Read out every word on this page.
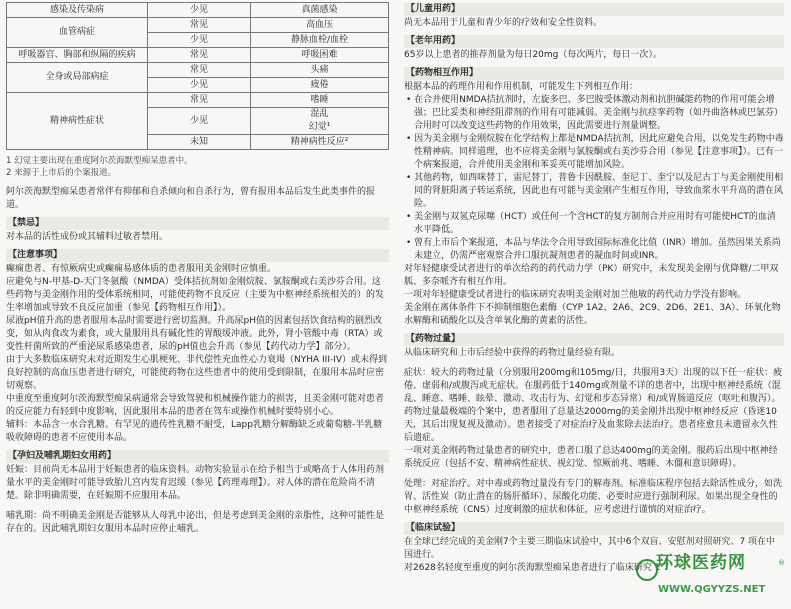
感染及传染病	少见	真菌感染
血管病症	常见	高血压
	少见	静脉血栓/血栓
呼吸器官、胸部和纵隔的疾病	常见	呼吸困难
全身或局部病症	常见	头痛
	少见	疲倦
精神病性症状	常见	嗜睡
	少见	混乱
幻觉¹
	未知	精神病性反应²
1 幻觉主要出现在重度阿尔茨海默型痴呆患者中。
2 来源于上市后的个案报道。
阿尔茨海默型痴呆患者常伴有抑郁和自杀倾向和自杀行为，曾有报用本品后发生此类事件的报道。
【禁忌】
对本品的活性成份或其辅料过敏者禁用。
【注意事项】
癫痫患者、有惊厥病史或癫痫易感体质的患者服用美金刚时应慎重。
应避免与N-甲基-D-天门冬氨酸（NMDA）受体拮抗剂如金刚烷胺、氯胺酮或右美沙芬合用。这些药物与美金刚作用的受体系统相同，可能使药物不良反应（主要为中枢神经系统相关的）的发生率增加或导致不良反应加重（参见【药物相互作用】）。
尿液pH值升高的患者服用本品时需要进行密切监测。升高尿pH值的因素包括饮食结构的剧烈改变，如从肉食改为素食，或大量服用具有碱化性的胃酸缓冲液。此外，肾小管酸中毒（RTA）或变性杆菌所致的严重泌尿系感染患者，尿的pH值也会升高（参见【药代动力学】部分）。
由于大多数临床研究未对近期发生心肌梗死、非代偿性充血性心力衰竭（NYHA III-IV）或未得到良好控制的高血压患者进行研究，可能使药物在这些患者中的使用受到限制，在服用本品时应密切观察。
中重度至重度阿尔茨海默型痴呆病通常会导致驾驶和机械操作能力的损害，且美金刚可能对患者的反应能力有轻到中度影响，因此服用本品的患者在驾车或操作机械时要特别小心。
辅料：本品含一水合乳糖。有罕见的遗传性乳糖不耐受，Lapp乳糖分解酶缺乏或葡萄糖-半乳糖吸收障碍的患者不应使用本品。
【孕妇及哺乳期妇女用药】
妊娠：目前尚无本品用于妊娠患者的临床资料。动物实验显示在给予相当于或略高于人体用药剂量水平的美金刚时可能导致胎儿宫内发育迟缓（参见【药理毒理】）。对人体的潜在危险尚不清楚。除非明确需要，在妊娠期不应服用本品。
哺乳期：尚不明确美金刚是否能够从人母乳中泌出，但是考虑到美金刚的亲脂性，这种可能性是存在的。因此哺乳期妇女服用本品时应停止哺乳。
【儿童用药】
尚无本品用于儿童和青少年的疗效和安全性资料。
【老年用药】
65岁以上患者的推荐剂量为每日20mg（每次两片，每日一次）。
【药物相互作用】
根据本品的药理作用和作用机制，可能发生下列相互作用：
• 在合并使用NMDA拮抗剂时，左旋多巴、多巴胺受体激动剂和抗胆碱能药物的作用可能会增强；巴比妥类和神经阻滞剂的作用有可能减弱。美金刚与抗痉挛药物（如丹曲洛林或巴氯芬）合用时可以改变这些药物的作用效果，因此需要进行剂量调整。
• 因为美金刚与金刚烷胺在化学结构上都是NMDA拮抗剂，因此应避免合用，以免发生药物中毒性精神病。同样道理，也不应将美金刚与氯胺酮或右美沙芬合用（参见【注意事项】）。已有一个病案报道，合并使用美金刚和苯妥英可能增加风险。
• 其他药物，如西咪替丁，雷尼替丁，普鲁卡因酰胺、奎尼丁、奎宁以及尼古丁与美金刚使用相同的肾脏阳离子转运系统，因此也有可能与美金刚产生相互作用，导致血浆水平升高的潜在风险。
• 美金刚与双氢克尿噻（HCT）或任何一个含HCT的复方制剂合并应用时有可能使HCT的血清水平降低。
• 曾有上市后个案报道，本品与华法令合用导致国际标准化比值（INR）增加。虽然因果关系尚未建立，仍需严密观察合并口服抗凝剂患者的凝血时间或INR。
对年轻健康受试者进行的单次给药的药代动力学（PK）研究中，未发现美金刚与优降糖/二甲双胍、多奈哌齐有相互作用。
一项对年轻健康受试者进行的临床研究表明美金刚对加兰他敏的药代动力学没有影响。
美金刚在离体条件下不抑制细胞色素酶（CYP 1A2、2A6、2C9、2D6、2E1、3A）、环氧化物水解酶和硫酸化以及含单氧化酶的黄素的活性。
【药物过量】
从临床研究和上市后经验中获得的药物过量经验有限。
症状：较大的药物过量（分别服用200mg和105mg/日，共服用3天）出现的以下任一症状：疲倦、虚弱和/或腹泻或无症状。在服药低于140mg或剂量不详的患者中，出现中枢神经系统（混乱、睡意、嗜睡、眩晕、激动、攻击行为、幻觉和步态异常）和/或胃肠道反应（呕吐和腹泻）。
药物过量最极端的个案中，患者服用了总量达2000mg的美金刚并出现中枢神经反应（昏迷10天，其后出现复视及激动）。患者接受了对症治疗及血浆除去法治疗。患者痊愈且未遗留永久性后遗症。
一项对美金刚药物过量患者的研究中，患者口服了总达400mg的美金刚。服药后出现中枢神经系统反应（包括不安、精神病性症状、视幻觉、惊厥前兆、嗜睡、木僵和意识障碍）。
处理：对症治疗。对中毒或药物过量没有专门的解毒剂。标准临床程序包括去除活性成分，如洗胃、活性炭（防止潜在的肠肝循环）、尿酸化功能、必要时应进行强制利尿。如果出现全身性的中枢神经系统（CNS）过度刺激的症状和体征，应考虑进行谨慎的对症治疗。
【临床试验】
在全球已经完成的美金刚7个主要三期临床试验中，其中6个双盲、安慰剂对照研究、7 项在中国进行。
对2628名轻度至重度的阿尔茨海默型痴呆患者进行了临床研究 1 7
环球医药网	®
WWW.QGYYZS.NET
